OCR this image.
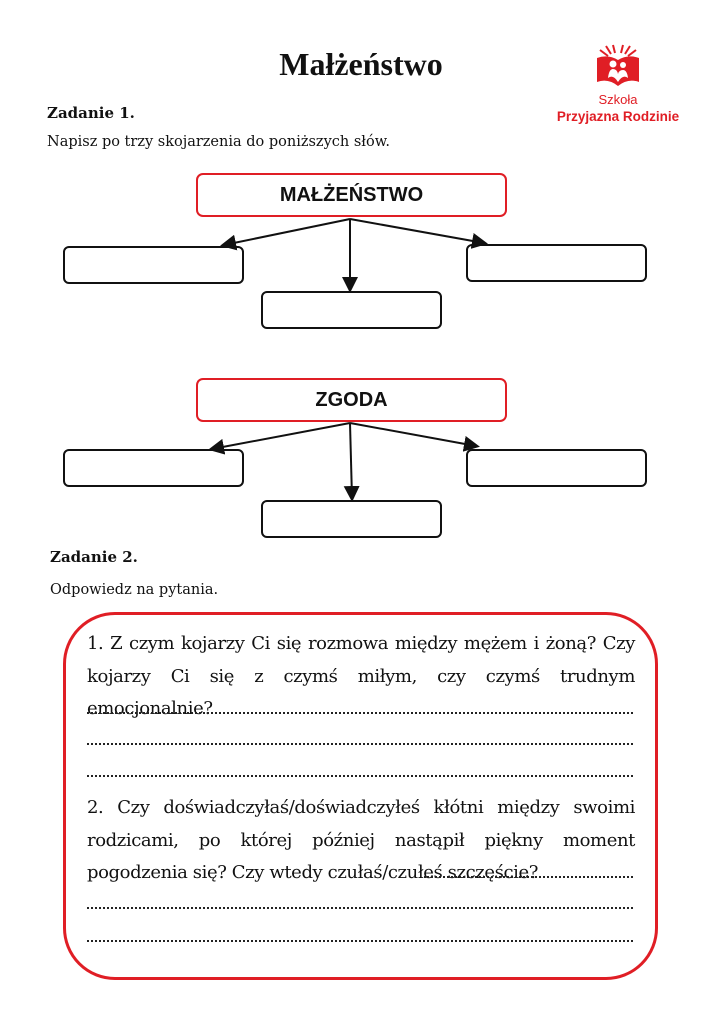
Małżeństwo
Szkoła
Przyjazna Rodzinie
Zadanie 1.
Napisz po trzy skojarzenia do poniższych słów.
MAŁŻEŃSTWO
ZGODA
Zadanie 2.
Odpowiedz na pytania.
1. Z czym kojarzy Ci się rozmowa między mężem i żoną? Czy kojarzy Ci się z czymś miłym, czy czymś trudnym emocjonalnie?
2. Czy doświadczyłaś/doświadczyłeś kłótni między swoimi rodzicami, po której później nastąpił piękny moment pogodzenia się? Czy wtedy czułaś/czułeś szczęście?
